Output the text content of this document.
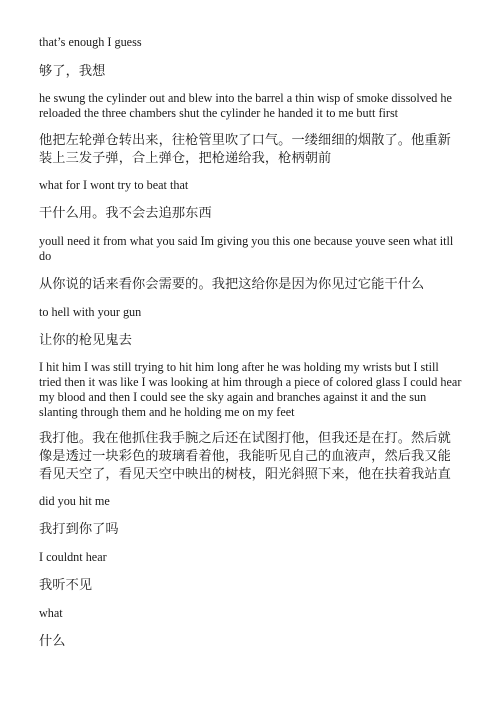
that’s enough I guess

够了，我想

he swung the cylinder out and blew into the barrel a thin wisp of smoke dissolved he reloaded the three chambers shut the cylinder he handed it to me butt first

他把左轮弹仓转出来，往枪管里吹了口气。一缕细细的烟散了。他重新装上三发子弹，合上弹仓，把枪递给我，枪柄朝前

what for I wont try to beat that

干什么用。我不会去追那东西

youll need it from what you said Im giving you this one because youve seen what itll do

从你说的话来看你会需要的。我把这给你是因为你见过它能干什么

to hell with your gun

让你的枪见鬼去

I hit him I was still trying to hit him long after he was holding my wrists but I still tried then it was like I was looking at him through a piece of colored glass I could hear my blood and then I could see the sky again and branches against it and the sun slanting through them and he holding me on my feet

我打他。我在他抓住我手腕之后还在试图打他，但我还是在打。然后就像是透过一块彩色的玻璃看着他，我能听见自己的血液声，然后我又能看见天空了，看见天空中映出的树枝，阳光斜照下来，他在扶着我站直

did you hit me

我打到你了吗

I couldnt hear

我听不见

what

什么
